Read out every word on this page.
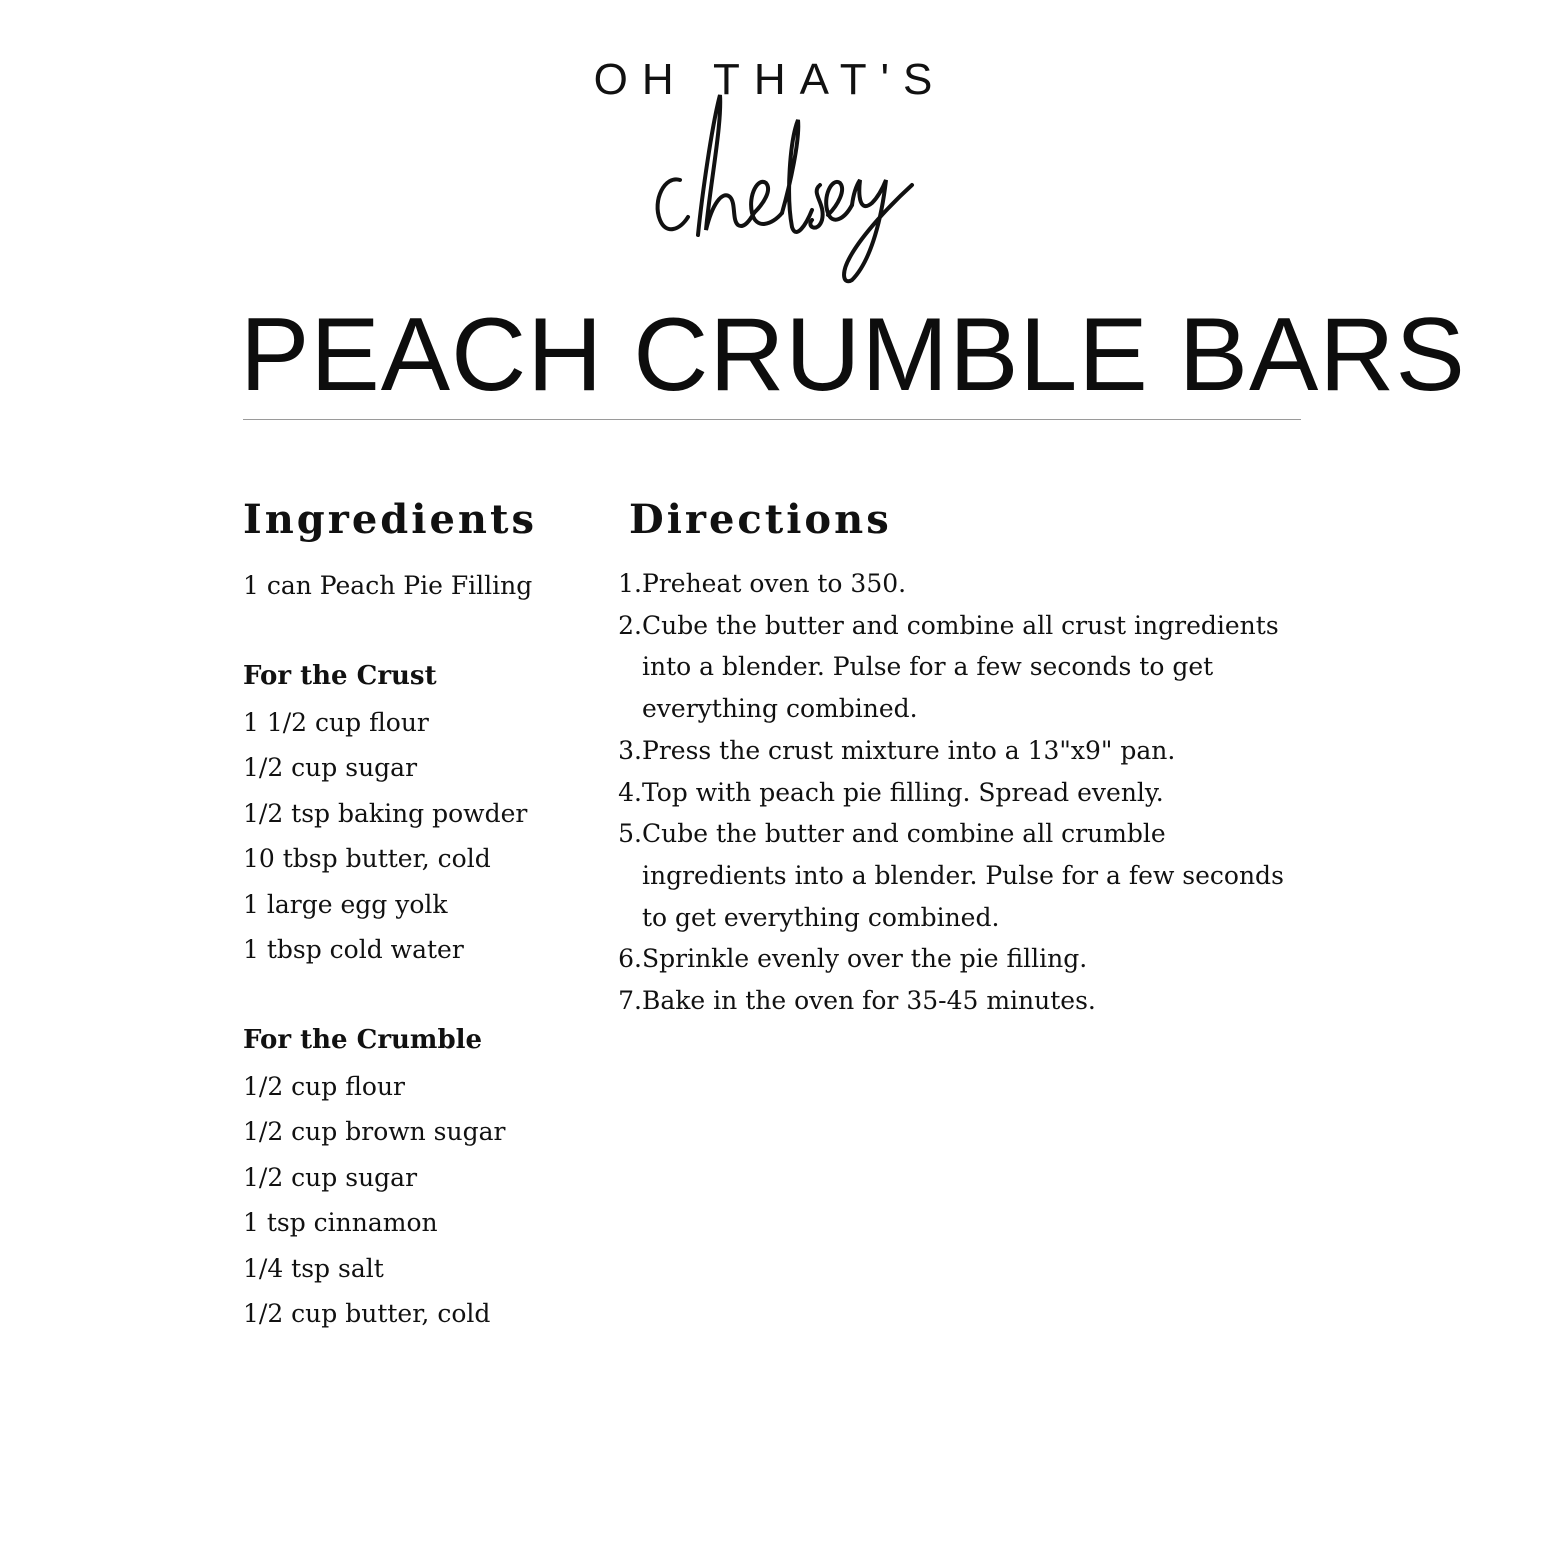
OH THAT'S
PEACH CRUMBLE BARS
Ingredients
1 can Peach Pie Filling
For the Crust
1 1/2 cup flour
1/2 cup sugar
1/2 tsp baking powder
10 tbsp butter, cold
1 large egg yolk
1 tbsp cold water
For the Crumble
1/2 cup flour
1/2 cup brown sugar
1/2 cup sugar
1 tsp cinnamon
1/4 tsp salt
1/2 cup butter, cold
Directions
1. Preheat oven to 350.
2. Cube the butter and combine all crust ingredients into a blender. Pulse for a few seconds to get everything combined.
3. Press the crust mixture into a 13"x9" pan.
4. Top with peach pie filling. Spread evenly.
5. Cube the butter and combine all crumble ingredients into a blender. Pulse for a few seconds to get everything combined.
6. Sprinkle evenly over the pie filling.
7. Bake in the oven for 35-45 minutes.
